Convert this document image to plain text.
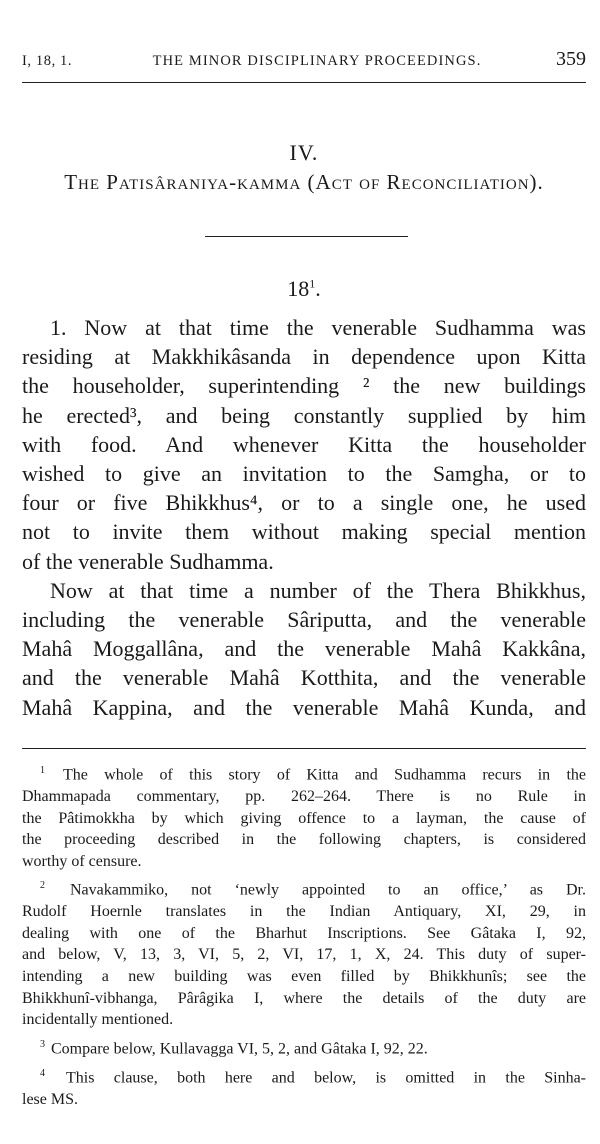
I, 18, 1.	THE MINOR DISCIPLINARY PROCEEDINGS.	359
IV.
The Patisâraniya-kamma (Act of Reconciliation).
$18^1$.
1. Now at that time the venerable Sudhamma was
residing at Makkhikâsanda in dependence upon Kitta
the householder, superintending ² the new buildings
he erected³, and being constantly supplied by him
with food. And whenever Kitta the householder
wished to give an invitation to the Samgha, or to
four or five Bhikkhus⁴, or to a single one, he used
not to invite them without making special mention
of the venerable Sudhamma.
Now at that time a number of the Thera Bhikkhus,
including the venerable Sâriputta, and the venerable
Mahâ Moggallâna, and the venerable Mahâ Kakkâna,
and the venerable Mahâ Kotthita, and the venerable
Mahâ Kappina, and the venerable Mahâ Kunda, and
$^1$ The whole of this story of Kitta and Sudhamma recurs in the
Dhammapada commentary, pp. 262–264. There is no Rule in
the Pâtimokkha by which giving offence to a layman, the cause of
the proceeding described in the following chapters, is considered
worthy of censure.
$^2$ Navakammiko, not ‘newly appointed to an office,’ as Dr.
Rudolf Hoernle translates in the Indian Antiquary, XI, 29, in
dealing with one of the Bharhut Inscriptions. See Gâtaka I, 92,
and below, V, 13, 3, VI, 5, 2, VI, 17, 1, X, 24. This duty of super-
intending a new building was even filled by Bhikkhunîs; see the
Bhikkhunî-vibhanga, Pârâgika I, where the details of the duty are
incidentally mentioned.
$^3$ Compare below, Kullavagga VI, 5, 2, and Gâtaka I, 92, 22.
$^4$ This clause, both here and below, is omitted in the Sinha-
lese MS.
